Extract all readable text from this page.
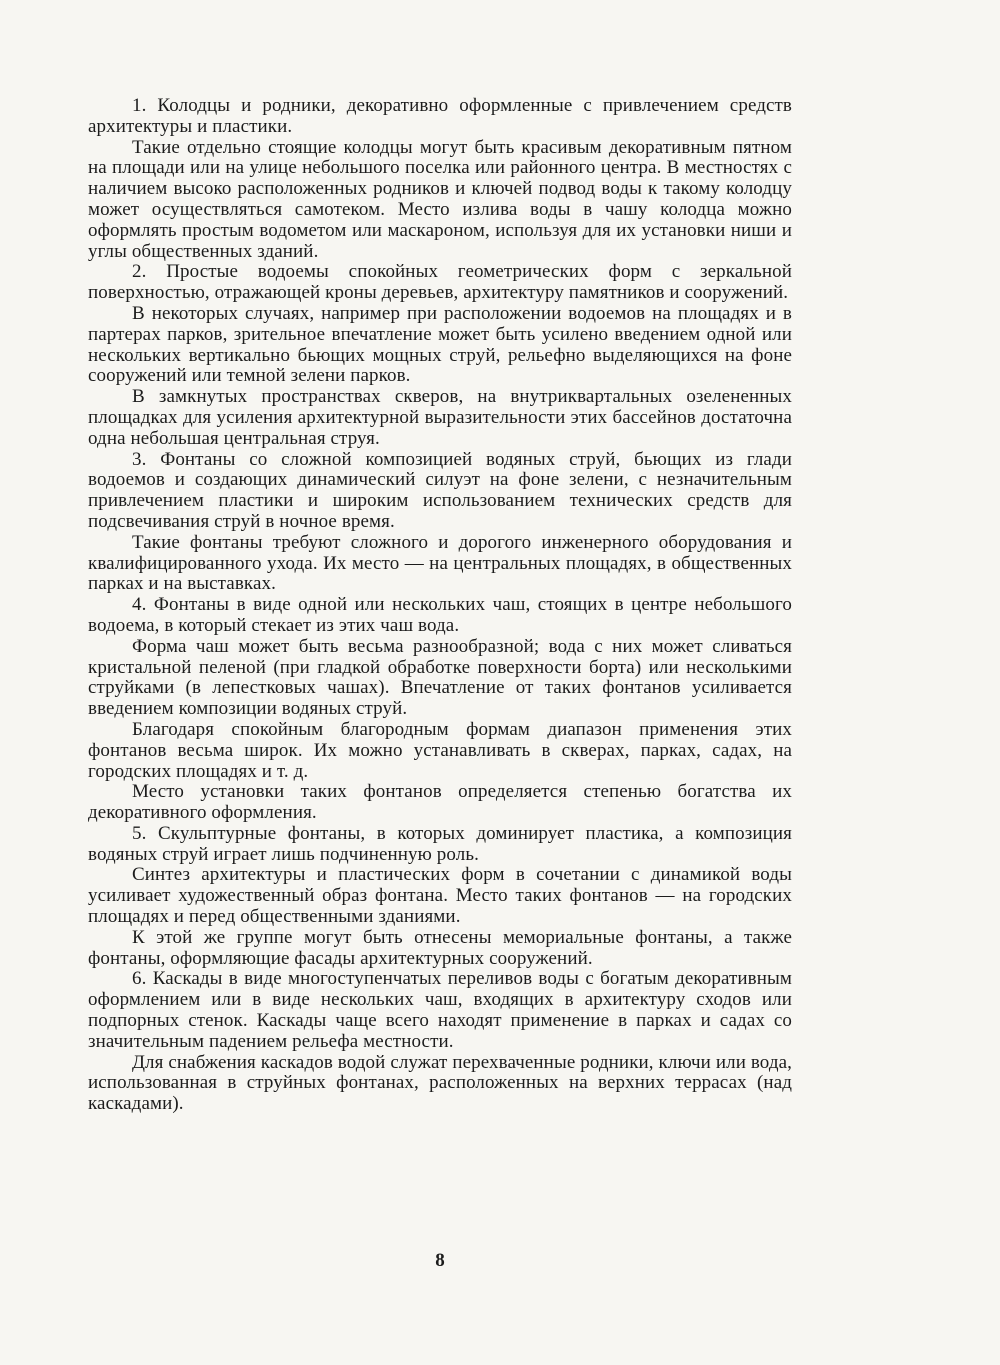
1. Колодцы и родники, декоративно оформленные с привлечением средств архитектуры и пластики.

Такие отдельно стоящие колодцы могут быть красивым декоративным пятном на площади или на улице небольшого поселка или районного центра. В местностях с наличием высоко расположенных родников и ключей подвод воды к такому колодцу может осуществляться самотеком. Место излива воды в чашу колодца можно оформлять простым водометом или маскароном, используя для их установки ниши и углы общественных зданий.

2. Простые водоемы спокойных геометрических форм с зеркальной поверхностью, отражающей кроны деревьев, архитектуру памятников и сооружений.

В некоторых случаях, например при расположении водоемов на площадях и в партерах парков, зрительное впечатление может быть усилено введением одной или нескольких вертикально бьющих мощных струй, рельефно выделяющихся на фоне сооружений или темной зелени парков.

В замкнутых пространствах скверов, на внутриквартальных озелененных площадках для усиления архитектурной выразительности этих бассейнов достаточна одна небольшая центральная струя.

3. Фонтаны со сложной композицией водяных струй, бьющих из глади водоемов и создающих динамический силуэт на фоне зелени, с незначительным привлечением пластики и широким использованием технических средств для подсвечивания струй в ночное время.

Такие фонтаны требуют сложного и дорогого инженерного оборудования и квалифицированного ухода. Их место — на центральных площадях, в общественных парках и на выставках.

4. Фонтаны в виде одной или нескольких чаш, стоящих в центре небольшого водоема, в который стекает из этих чаш вода.

Форма чаш может быть весьма разнообразной; вода с них может сливаться кристальной пеленой (при гладкой обработке поверхности борта) или несколькими струйками (в лепестковых чашах). Впечатление от таких фонтанов усиливается введением композиции водяных струй.

Благодаря спокойным благородным формам диапазон применения этих фонтанов весьма широк. Их можно устанавливать в скверах, парках, садах, на городских площадях и т. д.

Место установки таких фонтанов определяется степенью богатства их декоративного оформления.

5. Скульптурные фонтаны, в которых доминирует пластика, а композиция водяных струй играет лишь подчиненную роль.

Синтез архитектуры и пластических форм в сочетании с динамикой воды усиливает художественный образ фонтана. Место таких фонтанов — на городских площадях и перед общественными зданиями.

К этой же группе могут быть отнесены мемориальные фонтаны, а также фонтаны, оформляющие фасады архитектурных сооружений.

6. Каскады в виде многоступенчатых переливов воды с богатым декоративным оформлением или в виде нескольких чаш, входящих в архитектуру сходов или подпорных стенок. Каскады чаще всего находят применение в парках и садах со значительным падением рельефа местности.

Для снабжения каскадов водой служат перехваченные родники, ключи или вода, использованная в струйных фонтанах, расположенных на верхних террасах (над каскадами).

8
